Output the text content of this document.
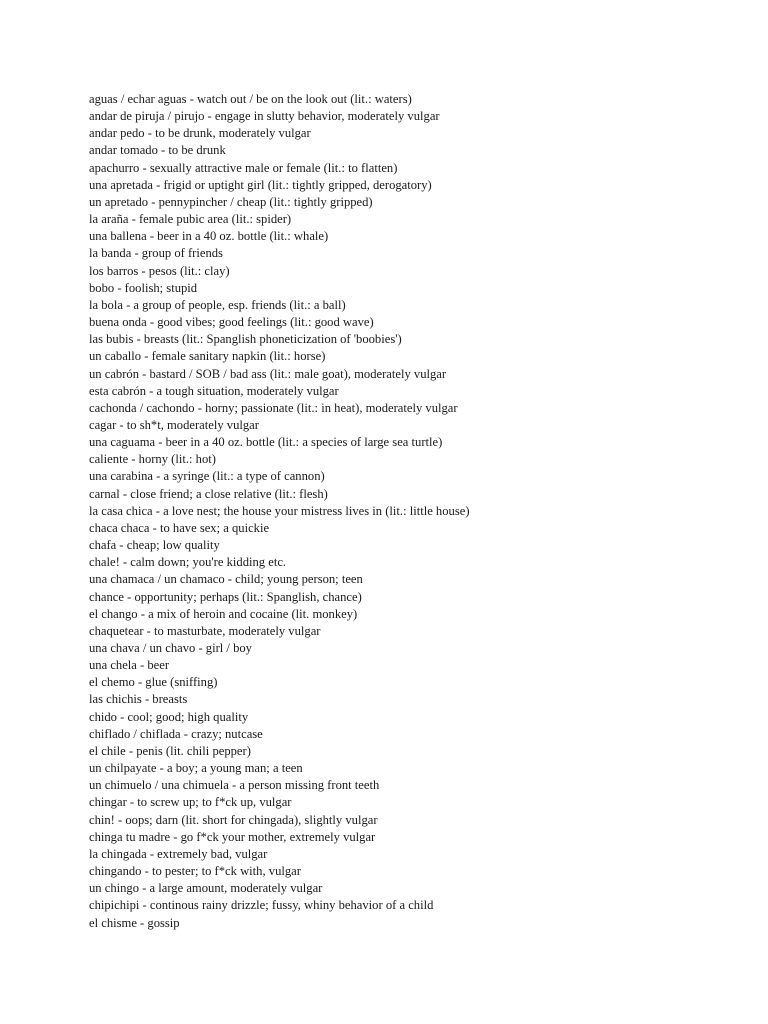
aguas / echar aguas - watch out / be on the look out (lit.: waters)
andar de piruja / pirujo - engage in slutty behavior, moderately vulgar
andar pedo - to be drunk, moderately vulgar
andar tomado - to be drunk
apachurro - sexually attractive male or female (lit.: to flatten)
una apretada - frigid or uptight girl (lit.: tightly gripped, derogatory)
un apretado - pennypincher / cheap (lit.: tightly gripped)
la araña - female pubic area (lit.: spider)
una ballena - beer in a 40 oz. bottle (lit.: whale)
la banda - group of friends
los barros - pesos (lit.: clay)
bobo - foolish; stupid
la bola - a group of people, esp. friends (lit.: a ball)
buena onda - good vibes; good feelings (lit.: good wave)
las bubis - breasts (lit.: Spanglish phoneticization of 'boobies')
un caballo - female sanitary napkin (lit.: horse)
un cabrón - bastard / SOB / bad ass (lit.: male goat), moderately vulgar
esta cabrón - a tough situation, moderately vulgar
cachonda / cachondo - horny; passionate (lit.: in heat), moderately vulgar
cagar - to sh*t, moderately vulgar
una caguama - beer in a 40 oz. bottle (lit.: a species of large sea turtle)
caliente - horny (lit.: hot)
una carabina - a syringe (lit.: a type of cannon)
carnal - close friend; a close relative (lit.: flesh)
la casa chica - a love nest; the house your mistress lives in (lit.: little house)
chaca chaca - to have sex; a quickie
chafa - cheap; low quality
chale! - calm down; you're kidding etc.
una chamaca / un chamaco - child; young person; teen
chance - opportunity; perhaps (lit.: Spanglish, chance)
el chango - a mix of heroin and cocaine (lit. monkey)
chaquetear - to masturbate, moderately vulgar
una chava / un chavo - girl / boy
una chela - beer
el chemo - glue (sniffing)
las chichis - breasts
chido - cool; good; high quality
chiflado / chiflada - crazy; nutcase
el chile - penis (lit. chili pepper)
un chilpayate - a boy; a young man; a teen
un chimuelo / una chimuela - a person missing front teeth
chingar - to screw up; to f*ck up, vulgar
chin! - oops; darn (lit. short for chingada), slightly vulgar
chinga tu madre - go f*ck your mother, extremely vulgar
la chingada - extremely bad, vulgar
chingando - to pester; to f*ck with, vulgar
un chingo - a large amount, moderately vulgar
chipichipi - continous rainy drizzle; fussy, whiny behavior of a child
el chisme - gossip
